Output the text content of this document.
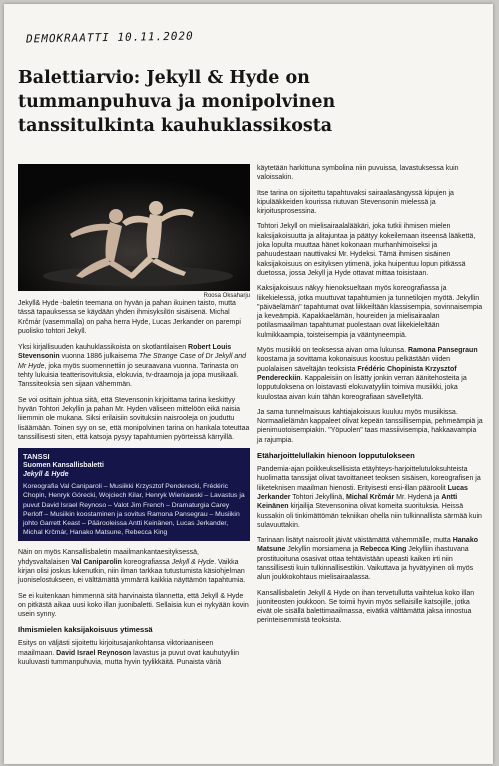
DEMOKRAATTI 10.11.2020
Balettiarvio: Jekyll & Hyde on tummanpuhuva ja monipolvinen tanssitulkinta kauhuklassikosta
Roosa Oksaharju

Jekyll& Hyde -baletin teemana on hyvän ja pahan ikuinen taisto, mutta tässä tapauksessa se käydään yhden ihmisyksilön sisäisenä. Michal Krčmár (vasemmalla) on paha herra Hyde, Lucas Jerkander on parempi puolisko tohtori Jekyll.

Yksi kirjallisuuden kauhuklassikoista on skotlantilaisen Robert Louis Stevensonin vuonna 1886 julkaisema The Strange Case of Dr Jekyll and Mr Hyde, joka myös suomennettiin jo seuraavana vuonna. Tarinasta on tehty lukuisia teatterisovituksia, elokuvia, tv-draamoja ja jopa musikaali. Tanssiteoksia sen sijaan vähemmän.

Se voi osittain johtua siitä, että Stevensonin kirjoittama tarina keskittyy hyvän Tohtori Jekyllin ja pahan Mr. Hyden väliseen mittelöön eikä naisia liiemmin ole mukana. Siksi erilaisiin sovituksiin naisrooleja on jouduttu lisäämään. Toinen syy on se, että monipolvinen tarina on hankala toteuttaa tanssillisesti siten, että katsoja pysyy tapahtumien pyörteissä kärryillä.

TANSSI
Suomen Kansallisbaletti
Jekyll & Hyde
Koreografia Val Caniparoli – Musiikki Krzysztof Penderecki, Frédéric Chopin, Henryk Górecki, Wojciech Kilar, Henryk Wieniawski – Lavastus ja puvut David Israel Reynoso – Valot Jim French – Dramaturgia Carey Perloff – Musiikin koostaminen ja sovitus Ramona Pansegrau – Musiikin johto Garrett Keast – Pääroolеissa Antti Keinänen, Lucas Jerkander, Michal Krčmár, Hanako Matsune, Rebecca King

Näin on myös Kansallisbaletin maailmankantaesityksessä, yhdysvaltalaisen Val Caniparolin koreografiassa Jekyll & Hyde. Vaikka kirjan olisi joskus lukenutkin, niin ilman tarkkaa tutustumista käsiohjelman juoniselostukseen, ei välttämättä ymmärrä kaikkia näyttämön tapahtumia.

Se ei kuitenkaan himmennä sitä harvinaista tilannetta, että Jekyll & Hyde on pitkästä aikaa uusi koko illan juonibaletti. Sellaisia kun ei nykyään kovin usein synny.

Ihmismielen kaksijakoisuus ytimessä

Esitys on väljästi sijoitettu kirjoitusajankohtansa viktoriaaniseen maailmaan. David Israel Reynoson lavastus ja puvut ovat kauhutyyliin kuuluvasti tummanpuhuvia, mutta hyvin tyylikkäitä. Punaista väriä

käytetään harkittuna symbolina niin puvuissa, lavastuksessa kuin valoissakin.

Itse tarina on sijoitettu tapahtuvaksi sairaalasängyssä kipujen ja kipulääkkeiden kourissa riutuvan Stevensonin mielessä ja kirjoitusprosessina.

Tohtori Jekyll on mielisairaalalääkäri, joka tutkii ihmisen mielen kaksijakoisuutta ja alitajuntaa ja päätyy kokeilemaan itseensä lääkettä, joka lopulta muuttaa hänet kokonaan murhanhimoiseksi ja pahuudestaan nauttivaksi Mr. Hydeksi. Tämä ihmisen sisäinen kaksijakoisuus on esityksen ytimenä, joka huipentuu lopun pitkässä duetossa, jossa Jekyll ja Hyde ottavat mittaa toisistaan.

Kaksijakoisuus näkyy hienoksueltaan myös koreografiassa ja liikekielessä, jotka muuttuvat tapahtumien ja tunnetilojen myötä. Jekyllin "päiväelämän" tapahtumat ovat liikkeiltään klassisempia, sovinnaisempia ja keveämpiä. Kapakkaelämän, houreiden ja mielisairaalan potilasmaailman tapahtumat puolestaan ovat liikekieleltään kulmikkaampia, toisteisempia ja vääntyneempiä.

Myös musiikki on teoksessa aivan oma lukunsa. Ramona Pansegraun koostama ja sovittama kokonaisuus koostuu pelkästään viiden puolalaisen säveltäjän teoksista Frédéric Chopinista Krzysztof Pendereckiin. Kappaleisiin on lisätty jonkin verran äänitehosteita ja lopputuloksena on loistavasti elokuvatyyliin toimiva musiikki, joka kuulostaa aivan kuin tähän koreografiaan sävelletyltä.

Ja sama tunnelmaisuus kahtiajakoisuus kuuluu myös musiikissa. Normaalielämän kappaleet olivat kepeän tanssillisempia, pehmeämpiä ja pienimuotoisempiakin. "Yöpuolen" taas massiivisempia, hakkaavampia ja rajumpia.

Etäharjoittelullakin hienoon lopputulokseen

Pandemia-ajan poikkeuksellisista etäyhteys-harjoittelutuloksuhteista huolimatta tanssijat olivat tavoittaneet teoksen sisäisen, koreografisen ja liiketeknisen maailman hienosti. Erityisesti ensi-illan pääroolit Lucas Jerkander Tohtori Jekyllinä, Michal Krčmár Mr. Hydenä ja Antti Keinänen kirjailija Stevensonina olivat komeita suorituksia. Heissä kussakin oli tinkimättömän tekniikan ohella niin tulkinnallista särmää kuin sulavuuttakin.

Tarinaan lisätyt naisroolit jäivät väistämättä vähemmälle, mutta Hanako Matsune Jekyllin morsiamena ja Rebecca King Jekylliin ihastuvana prostituoituna osasivat ottaa tehtävistään upeasti kaiken irti niin tanssillisesti kuin tulkinnallisestikin. Vaikuttava ja hyvätyyinen oli myös alun joukkokohtaus mielisairaalassa.

Kansallisbaletin Jekyll & Hyde on ihan tervetullutta vaihtelua koko illan juoniteosten joukkoon. Se toimii hyvin myös sellaisille katsojille, jotka eivät ole sisällä balettimaailmassa, eivätkä välttämättä jaksa innostua perinteisemmistä teoksista.
